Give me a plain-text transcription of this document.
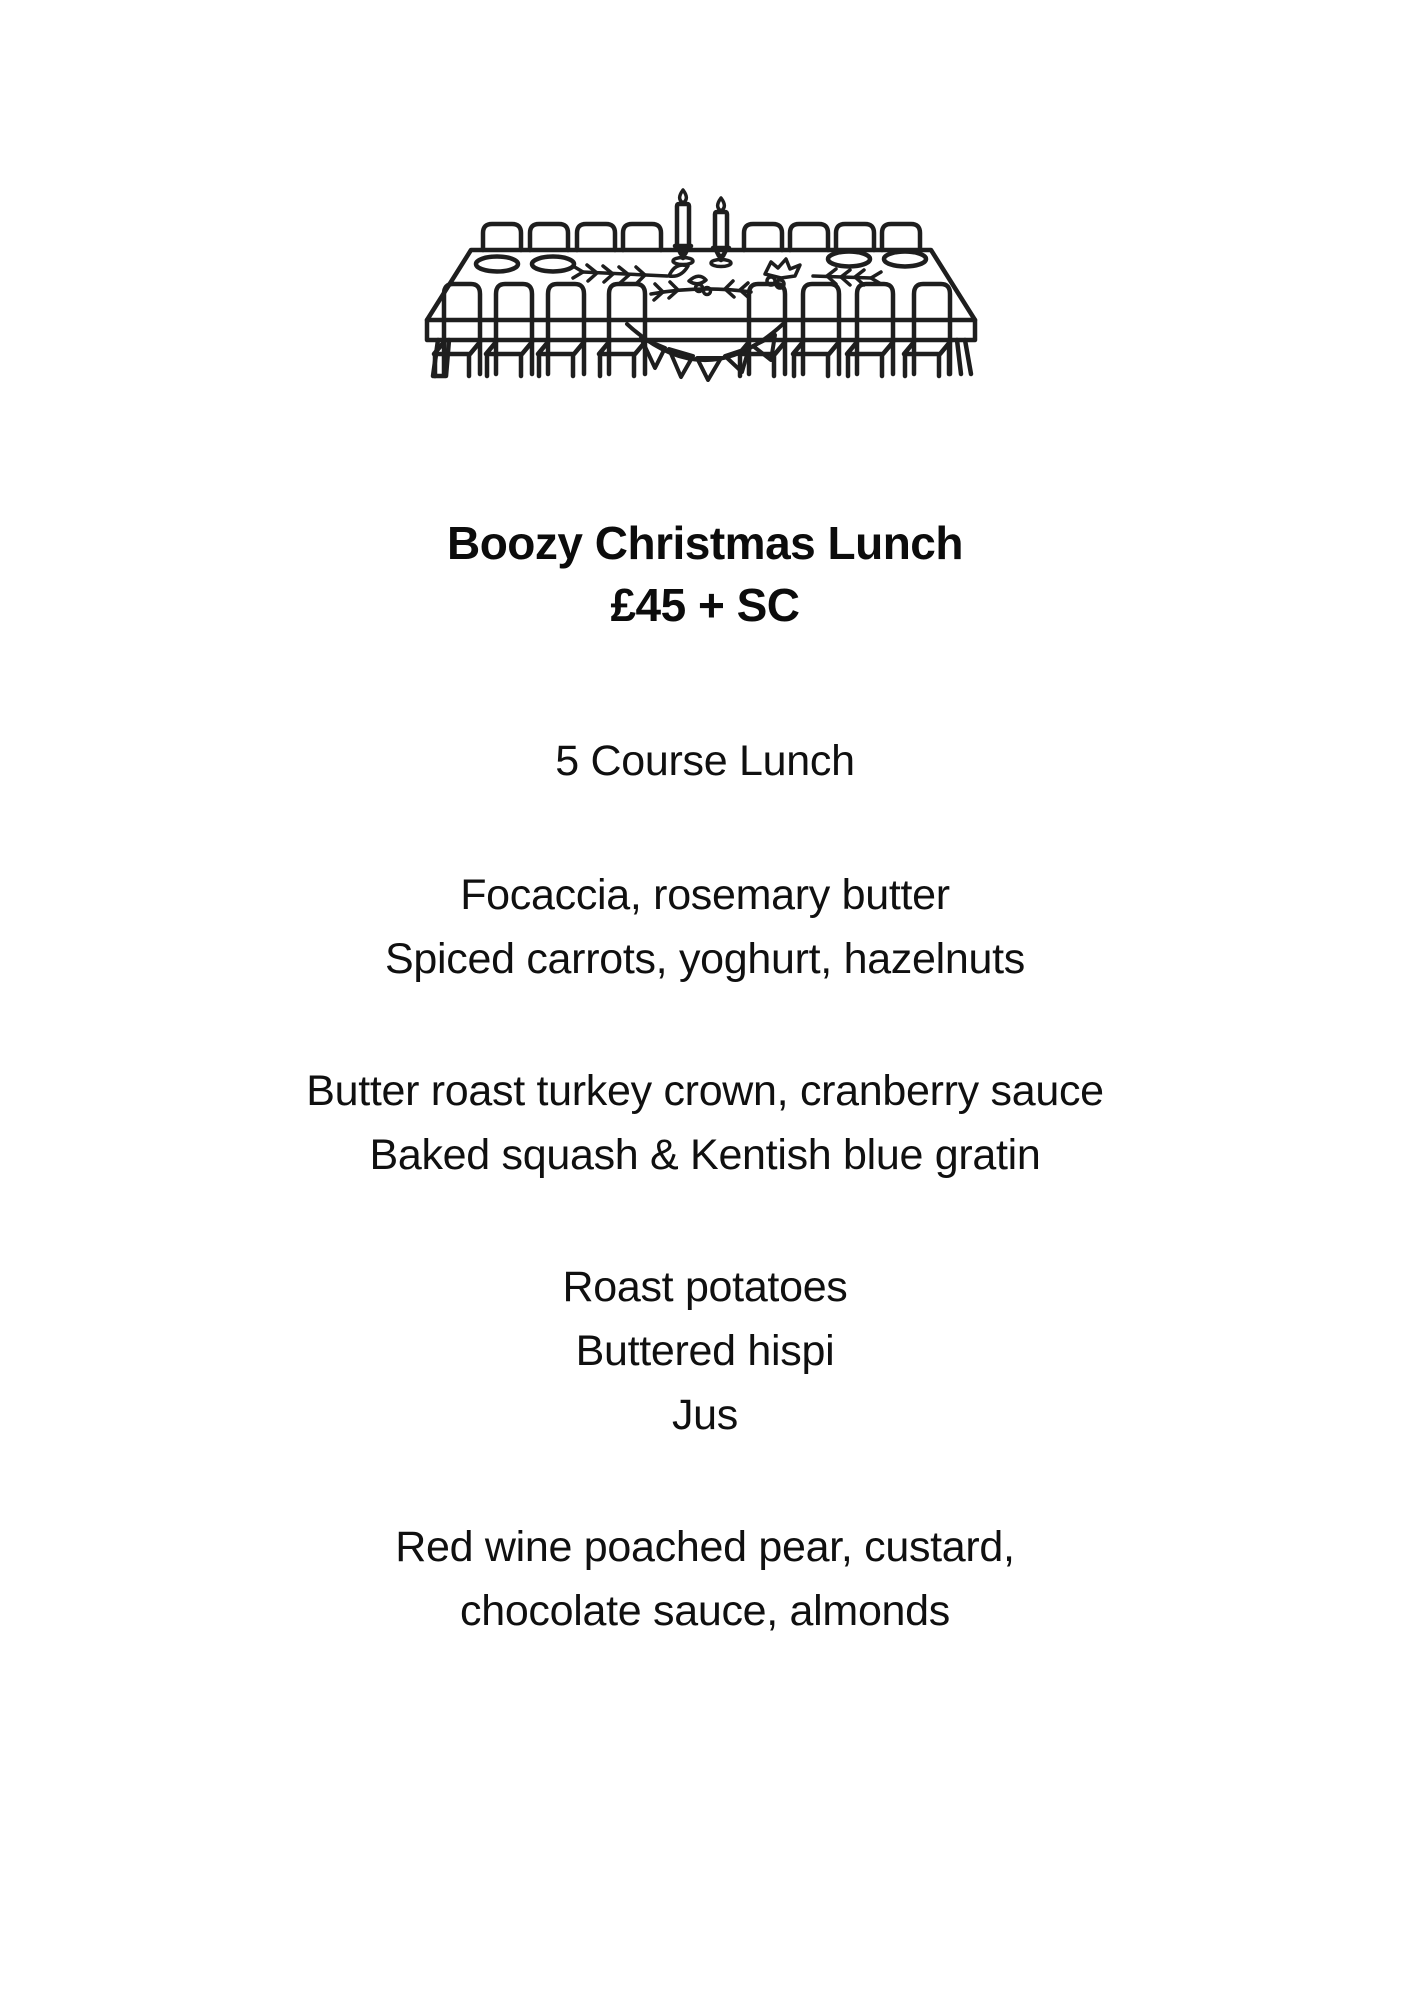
Boozy Christmas Lunch
£45 + SC

5 Course Lunch

Focaccia, rosemary butter

Spiced carrots, yoghurt, hazelnuts

Butter roast turkey crown, cranberry sauce

Baked squash & Kentish blue gratin

Roast potatoes

Buttered hispi

Jus

Red wine poached pear, custard,

chocolate sauce, almonds
